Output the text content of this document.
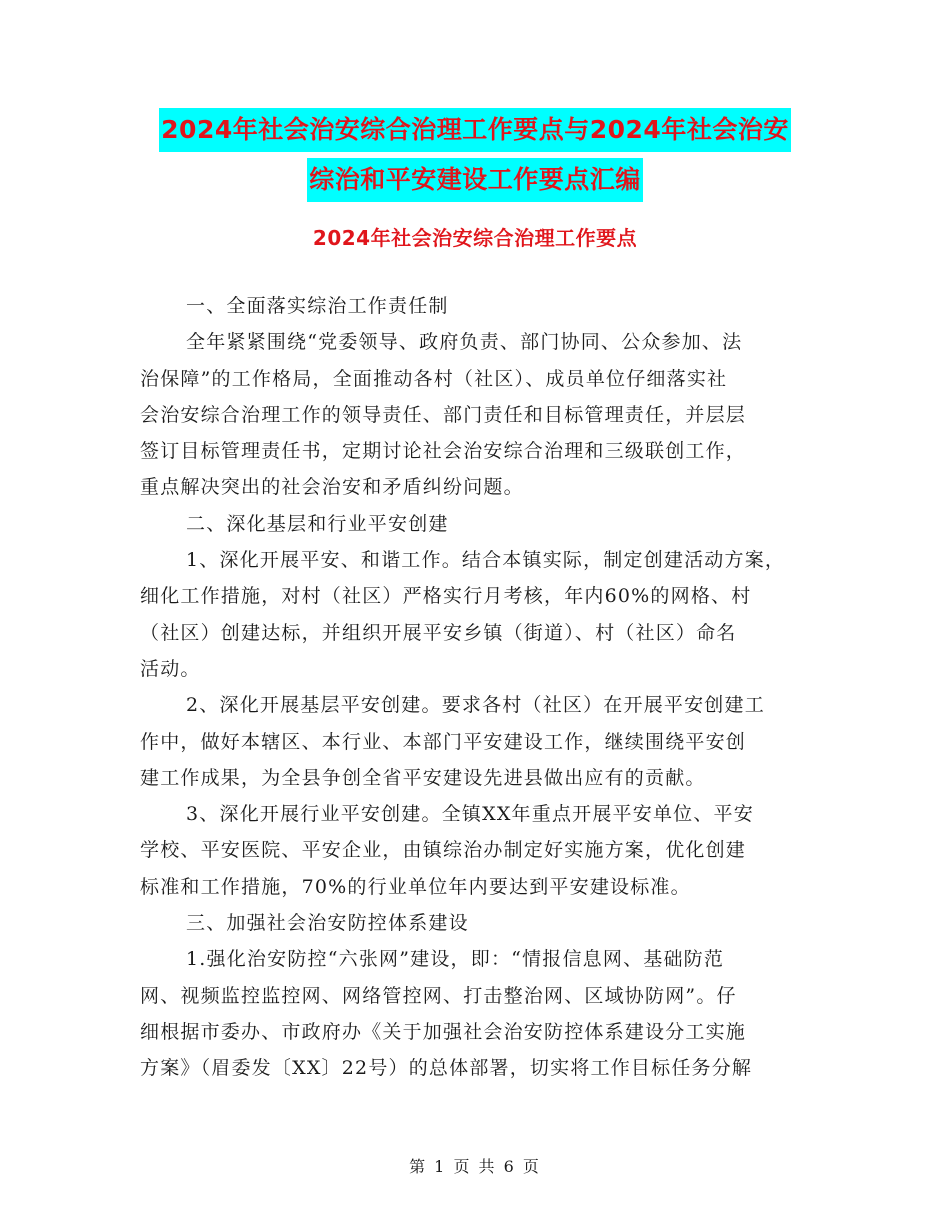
2024年社会治安综合治理工作要点与2024年社会治安
综治和平安建设工作要点汇编
2024年社会治安综合治理工作要点
一、全面落实综治工作责任制
全年紧紧围绕“党委领导、政府负责、部门协同、公众参加、法
治保障”的工作格局，全面推动各村（社区）、成员单位仔细落实社
会治安综合治理工作的领导责任、部门责任和目标管理责任，并层层
签订目标管理责任书，定期讨论社会治安综合治理和三级联创工作，
重点解决突出的社会治安和矛盾纠纷问题。
二、深化基层和行业平安创建
1、深化开展平安、和谐工作。结合本镇实际，制定创建活动方案，
细化工作措施，对村（社区）严格实行月考核，年内60%的网格、村
（社区）创建达标，并组织开展平安乡镇（街道）、村（社区）命名
活动。
2、深化开展基层平安创建。要求各村（社区）在开展平安创建工
作中，做好本辖区、本行业、本部门平安建设工作，继续围绕平安创
建工作成果，为全县争创全省平安建设先进县做出应有的贡献。
3、深化开展行业平安创建。全镇XX年重点开展平安单位、平安
学校、平安医院、平安企业，由镇综治办制定好实施方案，优化创建
标准和工作措施，70%的行业单位年内要达到平安建设标准。
三、加强社会治安防控体系建设
1.强化治安防控“六张网”建设，即：“情报信息网、基础防范
网、视频监控监控网、网络管控网、打击整治网、区域协防网”。仔
细根据市委办、市政府办《关于加强社会治安防控体系建设分工实施
方案》（眉委发〔XX〕22号）的总体部署，切实将工作目标任务分解
第 1 页 共 6 页
